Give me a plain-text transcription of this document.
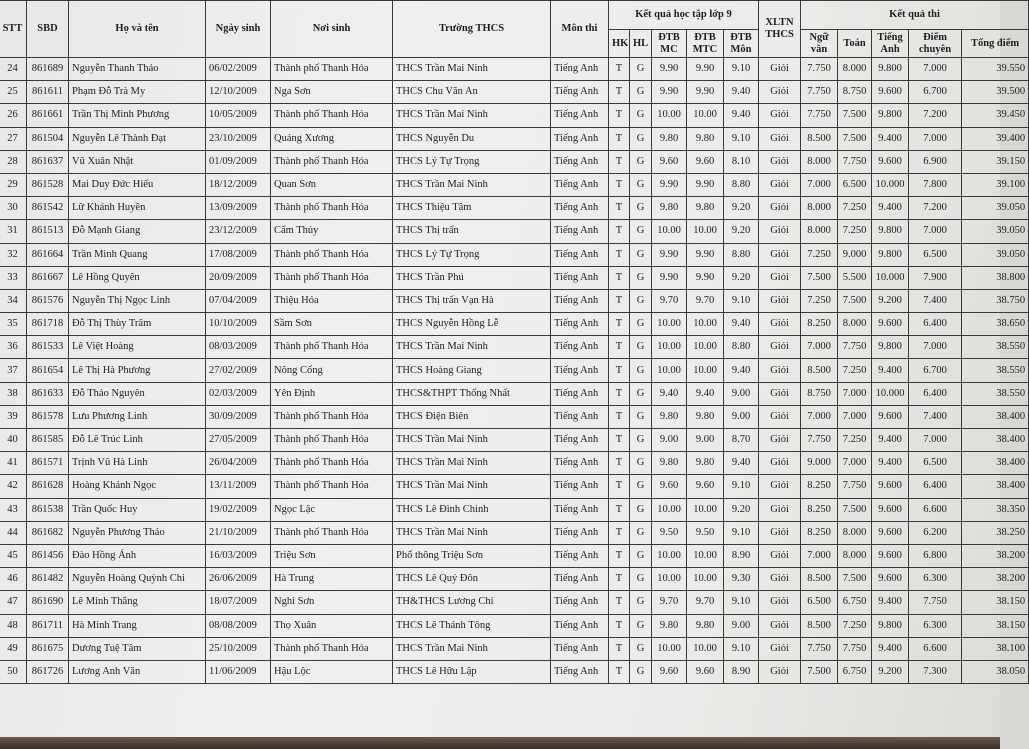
STT	SBD	Họ và tên	Ngày sinh	Nơi sinh	Trường THCS	Môn thi	Kết quả học tập lớp 9					XLTN THCS	Kết quả thi				
							HK	HL	ĐTB MC	ĐTB MTC	ĐTB Môn		Ngữ văn	Toán	Tiếng Anh	Điểm chuyên	Tổng điểm
24	861689	Nguyễn Thanh Thảo	06/02/2009	Thành phố Thanh Hóa	THCS Trần Mai Ninh	Tiếng Anh	T	G	9.90	9.90	9.10	Giỏi	7.750	8.000	9.800	7.000	39.550
25	861611	Phạm Đỗ Trà My	12/10/2009	Nga Sơn	THCS Chu Văn An	Tiếng Anh	T	G	9.90	9.90	9.40	Giỏi	7.750	8.750	9.600	6.700	39.500
26	861661	Trần Thị Minh Phương	10/05/2009	Thành phố Thanh Hóa	THCS Trần Mai Ninh	Tiếng Anh	T	G	10.00	10.00	9.40	Giỏi	7.750	7.500	9.800	7.200	39.450
27	861504	Nguyễn Lê Thành Đạt	23/10/2009	Quảng Xương	THCS Nguyễn Du	Tiếng Anh	T	G	9.80	9.80	9.10	Giỏi	8.500	7.500	9.400	7.000	39.400
28	861637	Vũ Xuân Nhật	01/09/2009	Thành phố Thanh Hóa	THCS Lý Tự Trọng	Tiếng Anh	T	G	9.60	9.60	8.10	Giỏi	8.000	7.750	9.600	6.900	39.150
29	861528	Mai Duy Đức Hiếu	18/12/2009	Quan Sơn	THCS Trần Mai Ninh	Tiếng Anh	T	G	9.90	9.90	8.80	Giỏi	7.000	6.500	10.000	7.800	39.100
30	861542	Lữ Khánh Huyền	13/09/2009	Thành phố Thanh Hóa	THCS Thiệu Tâm	Tiếng Anh	T	G	9.80	9.80	9.20	Giỏi	8.000	7.250	9.400	7.200	39.050
31	861513	Đỗ Mạnh Giang	23/12/2009	Cẩm Thủy	THCS Thị trấn	Tiếng Anh	T	G	10.00	10.00	9.20	Giỏi	8.000	7.250	9.800	7.000	39.050
32	861664	Trần Minh Quang	17/08/2009	Thành phố Thanh Hóa	THCS Lý Tự Trọng	Tiếng Anh	T	G	9.90	9.90	8.80	Giỏi	7.250	9.000	9.800	6.500	39.050
33	861667	Lê Hồng Quyên	20/09/2009	Thành phố Thanh Hóa	THCS Trần Phú	Tiếng Anh	T	G	9.90	9.90	9.20	Giỏi	7.500	5.500	10.000	7.900	38.800
34	861576	Nguyễn Thị Ngọc Linh	07/04/2009	Thiệu Hóa	THCS Thị trấn Vạn Hà	Tiếng Anh	T	G	9.70	9.70	9.10	Giỏi	7.250	7.500	9.200	7.400	38.750
35	861718	Đỗ Thị Thùy Trâm	10/10/2009	Sầm Sơn	THCS Nguyễn Hồng Lễ	Tiếng Anh	T	G	10.00	10.00	9.40	Giỏi	8.250	8.000	9.600	6.400	38.650
36	861533	Lê Việt Hoàng	08/03/2009	Thành phố Thanh Hóa	THCS Trần Mai Ninh	Tiếng Anh	T	G	10.00	10.00	8.80	Giỏi	7.000	7.750	9.800	7.000	38.550
37	861654	Lê Thị Hà Phương	27/02/2009	Nông Cống	THCS Hoàng Giang	Tiếng Anh	T	G	10.00	10.00	9.40	Giỏi	8.500	7.250	9.400	6.700	38.550
38	861633	Đỗ Thảo Nguyên	02/03/2009	Yên Định	THCS&THPT Thống Nhất	Tiếng Anh	T	G	9.40	9.40	9.00	Giỏi	8.750	7.000	10.000	6.400	38.550
39	861578	Lưu Phương Linh	30/09/2009	Thành phố Thanh Hóa	THCS Điện Biên	Tiếng Anh	T	G	9.80	9.80	9.00	Giỏi	7.000	7.000	9.600	7.400	38.400
40	861585	Đỗ Lê Trúc Linh	27/05/2009	Thành phố Thanh Hóa	THCS Trần Mai Ninh	Tiếng Anh	T	G	9.00	9.00	8.70	Giỏi	7.750	7.250	9.400	7.000	38.400
41	861571	Trịnh Vũ Hà Linh	26/04/2009	Thành phố Thanh Hóa	THCS Trần Mai Ninh	Tiếng Anh	T	G	9.80	9.80	9.40	Giỏi	9.000	7.000	9.400	6.500	38.400
42	861628	Hoàng Khánh Ngọc	13/11/2009	Thành phố Thanh Hóa	THCS Trần Mai Ninh	Tiếng Anh	T	G	9.60	9.60	9.10	Giỏi	8.250	7.750	9.600	6.400	38.400
43	861538	Trần Quốc Huy	19/02/2009	Ngọc Lặc	THCS Lê Đình Chinh	Tiếng Anh	T	G	10.00	10.00	9.20	Giỏi	8.250	7.500	9.600	6.600	38.350
44	861682	Nguyễn Phương Thảo	21/10/2009	Thành phố Thanh Hóa	THCS Trần Mai Ninh	Tiếng Anh	T	G	9.50	9.50	9.10	Giỏi	8.250	8.000	9.600	6.200	38.250
45	861456	Đào Hồng Ánh	16/03/2009	Triệu Sơn	Phổ thông Triệu Sơn	Tiếng Anh	T	G	10.00	10.00	8.90	Giỏi	7.000	8.000	9.600	6.800	38.200
46	861482	Nguyễn Hoàng Quỳnh Chi	26/06/2009	Hà Trung	THCS Lê Quý Đôn	Tiếng Anh	T	G	10.00	10.00	9.30	Giỏi	8.500	7.500	9.600	6.300	38.200
47	861690	Lê Minh Thắng	18/07/2009	Nghi Sơn	TH&THCS Lương Chí	Tiếng Anh	T	G	9.70	9.70	9.10	Giỏi	6.500	6.750	9.400	7.750	38.150
48	861711	Hà Minh Trang	08/08/2009	Thọ Xuân	THCS Lê Thánh Tông	Tiếng Anh	T	G	9.80	9.80	9.00	Giỏi	8.500	7.250	9.800	6.300	38.150
49	861675	Dương Tuệ Tâm	25/10/2009	Thành phố Thanh Hóa	THCS Trần Mai Ninh	Tiếng Anh	T	G	10.00	10.00	9.10	Giỏi	7.750	7.750	9.400	6.600	38.100
50	861726	Lương Anh Văn	11/06/2009	Hậu Lộc	THCS Lê Hữu Lập	Tiếng Anh	T	G	9.60	9.60	8.90	Giỏi	7.500	6.750	9.200	7.300	38.050
